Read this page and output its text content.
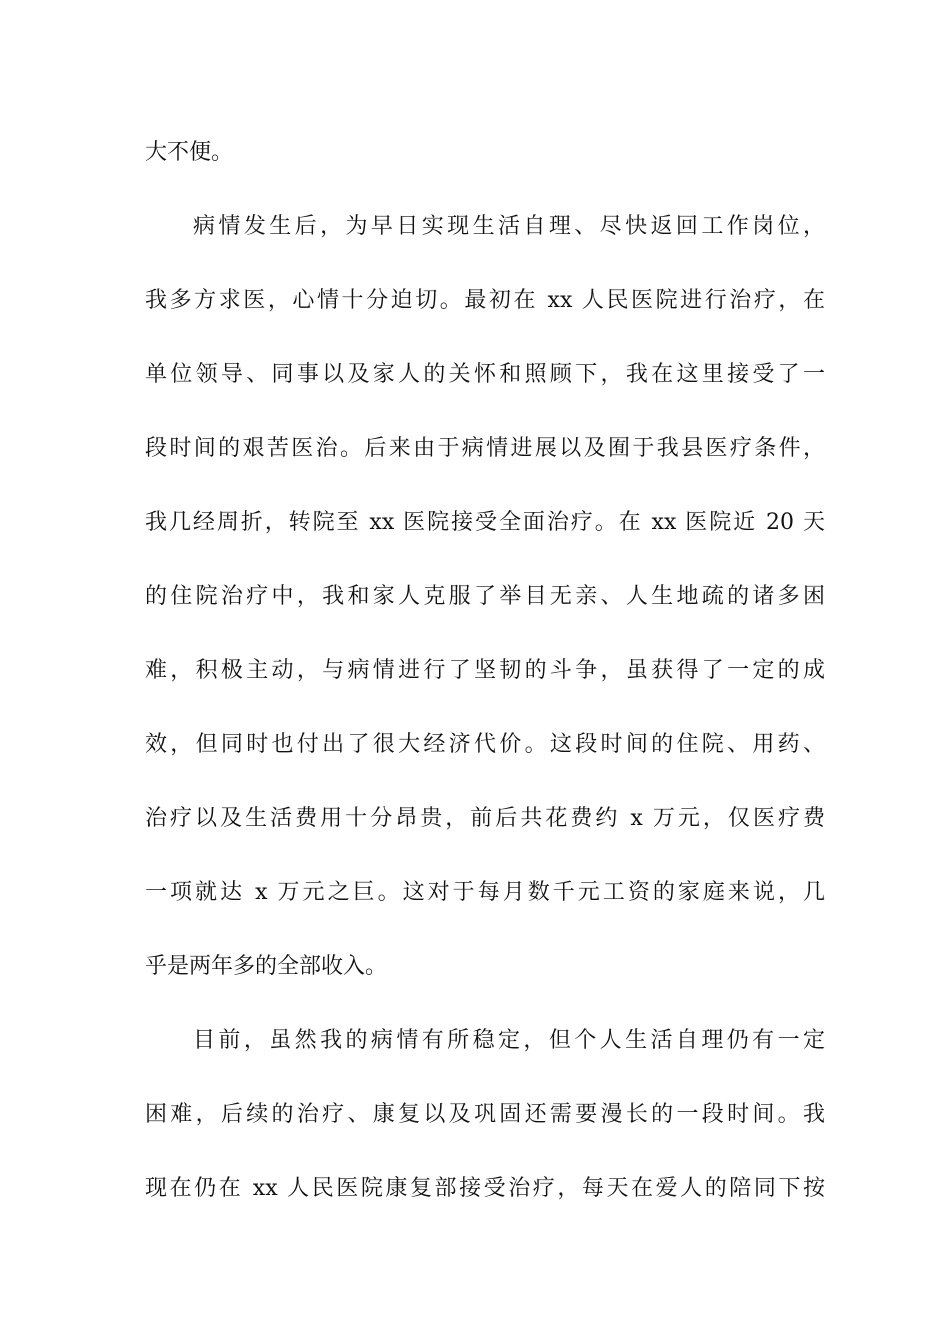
大不便。
病情发生后，为早日实现生活自理、尽快返回工作岗位，
我多方求医，心情十分迫切。最初在 xx 人民医院进行治疗，在
单位领导、同事以及家人的关怀和照顾下，我在这里接受了一
段时间的艰苦医治。后来由于病情进展以及囿于我县医疗条件，
我几经周折，转院至 xx 医院接受全面治疗。在 xx 医院近 20 天
的住院治疗中，我和家人克服了举目无亲、人生地疏的诸多困
难，积极主动，与病情进行了坚韧的斗争，虽获得了一定的成
效，但同时也付出了很大经济代价。这段时间的住院、用药、
治疗以及生活费用十分昂贵，前后共花费约 x 万元，仅医疗费
一项就达 x 万元之巨。这对于每月数千元工资的家庭来说，几
乎是两年多的全部收入。
目前，虽然我的病情有所稳定，但个人生活自理仍有一定
困难，后续的治疗、康复以及巩固还需要漫长的一段时间。我
现在仍在 xx 人民医院康复部接受治疗，每天在爱人的陪同下按
